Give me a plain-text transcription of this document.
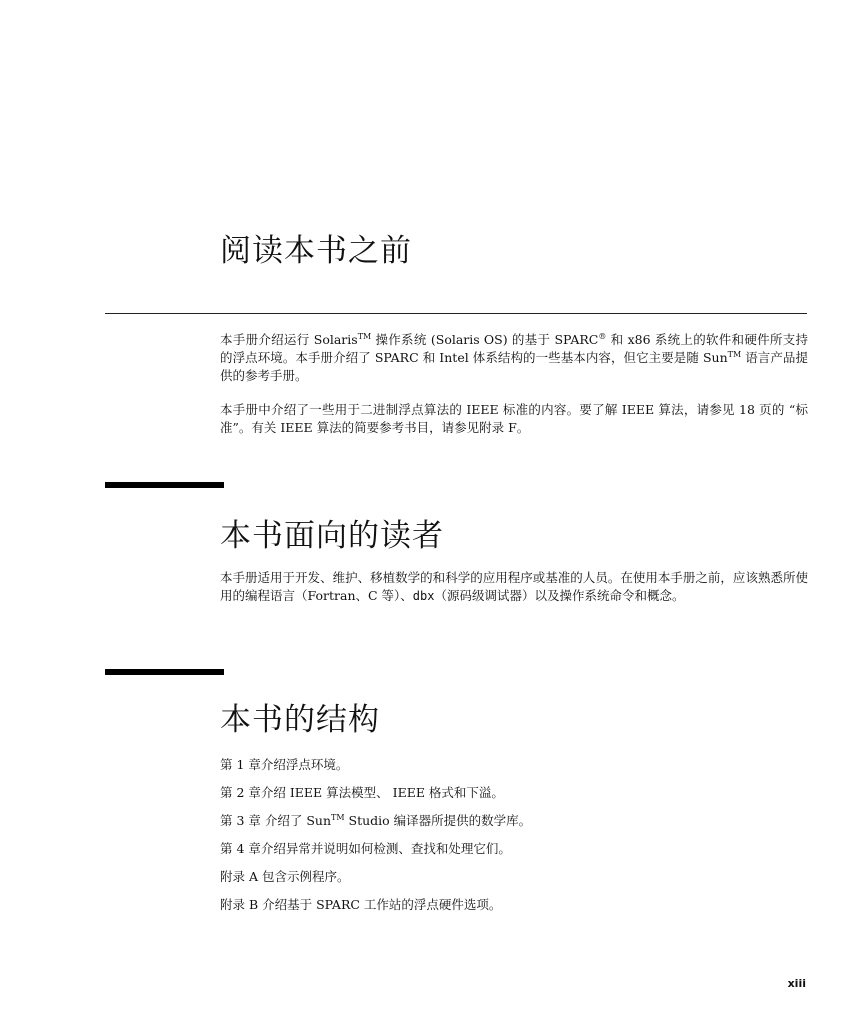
阅读本书之前

本手册介绍运行 Solaris™ 操作系统 (Solaris OS) 的基于 SPARC® 和 x86 系统上的软件和硬件所支持的浮点环境。本手册介绍了 SPARC 和 Intel 体系结构的一些基本内容，但它主要是随 Sun™ 语言产品提供的参考手册。

本手册中介绍了一些用于二进制浮点算法的 IEEE 标准的内容。要了解 IEEE 算法，请参见 18 页的 “标准”。有关 IEEE 算法的简要参考书目，请参见附录 F。

本书面向的读者

本手册适用于开发、维护、移植数学的和科学的应用程序或基准的人员。在使用本手册之前，应该熟悉所使用的编程语言（Fortran、C 等）、dbx（源码级调试器）以及操作系统命令和概念。

本书的结构
第 1 章介绍浮点环境。
第 2 章介绍 IEEE 算法模型、 IEEE 格式和下溢。
第 3 章 介绍了 Sun™ Studio 编译器所提供的数学库。
第 4 章介绍异常并说明如何检测、查找和处理它们。
附录 A 包含示例程序。
附录 B 介绍基于 SPARC 工作站的浮点硬件选项。
xiii
